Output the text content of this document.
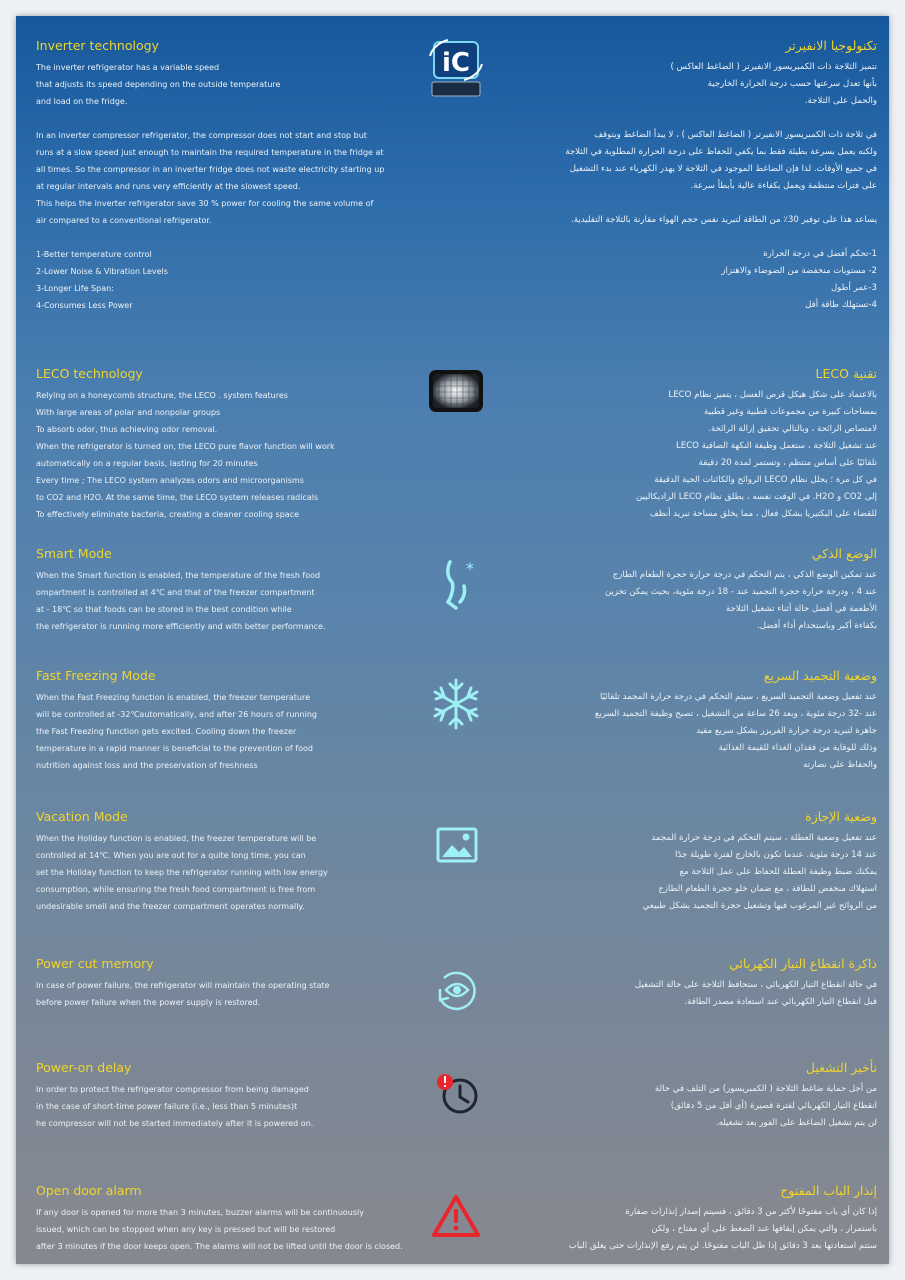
Inverter technology
The inverter refrigerator has a variable speed
that adjusts its speed depending on the outside temperature
and load on the fridge.
In an inverter compressor refrigerator, the compressor does not start and stop but
runs at a slow speed just enough to maintain the required temperature in the fridge at
all times. So the compressor in an inverter fridge does not waste electricity starting up
at regular intervals and runs very efficiently at the slowest speed.
This helps the inverter refrigerator save 30 % power for cooling the same volume of
air compared to a conventional refrigerator.
1-Better temperature control
2-Lower Noise & Vibration Levels
3-Longer Life Span:
4-Consumes Less Power
iC
تكنولوجيا الانفيرتر
تتميز الثلاجة ذات الكمبريسور الانفيرتر ( الضاغط العاكس )
بأنها تعدل سرعتها حسب درجة الحرارة الخارجية
والحمل على الثلاجة.
في ثلاجة ذات الكمبريسور الانفيرتر ( الضاغط العاكس ) ، لا يبدأ الضاغط ويتوقف
ولكنه يعمل بسرعة بطيئة فقط بما يكفي للحفاظ على درجة الحرارة المطلوبة في الثلاجة
في جميع الأوقات. لذا فإن الضاغط الموجود في الثلاجة لا يهدر الكهرباء عند بدء التشغيل
على فترات منتظمة ويعمل بكفاءة عالية بأبطأ سرعة.
يساعد هذا على توفير 30٪ من الطاقة لتبريد نفس حجم الهواء مقارنة بالثلاجة التقليدية.
1-تحكم أفضل في درجة الحرارة
2- مستويات منخفضة من الضوضاء والاهتزاز
3-عمر أطول
4-تستهلك طاقة أقل
LECO technology
Relying on a honeycomb structure, the LECO . system features
With large areas of polar and nonpolar groups
To absorb odor, thus achieving odor removal.
When the refrigerator is turned on, the LECO pure flavor function will work
automatically on a regular basis, lasting for 20 minutes
Every time ; The LECO system analyzes odors and microorganisms
to CO2 and H2O. At the same time, the LECO system releases radicals
To effectively eliminate bacteria, creating a cleaner cooling space
تقنية LECO
بالاعتماد على شكل هيكل قرص العسل ، يتميز نظام LECO
بمساحات كبيرة من مجموعات قطبية وغير قطبية
لامتصاص الرائحة ، وبالتالي تحقيق إزالة الرائحة.
عند تشغيل الثلاجة ، ستعمل وظيفة النكهة الصافية LECO
تلقائيًا على أساس منتظم ، وتستمر لمدة 20 دقيقة
في كل مرة ؛ يحلل نظام LECO الروائح والكائنات الحية الدقيقة
إلى CO2 و H2O. في الوقت نفسه ، يطلق نظام LECO الراديكاليين
للقضاء على البكتيريا بشكل فعال ، مما يخلق مساحة تبريد أنظف
Smart Mode
When the Smart function is enabled, the temperature of the fresh food
ompartment is controlled at 4℃ and that of the freezer compartment
at - 18℃ so that foods can be stored in the best condition while
the refrigerator is running more efficiently and with better performance.
*
الوضع الذكي
عند تمكين الوضع الذكي ، يتم التحكم في درجة حرارة حجرة الطعام الطازج
عند 4 ، ودرجة حرارة حجرة التجميد عند - 18 درجة مئوية، بحيث يمكن تخزين
الأطعمة في أفضل حالة أثناء تشغيل الثلاجة
بكفاءة أكبر وباستخدام أداء أفضل.
Fast Freezing Mode
When the Fast Freezing function is enabled, the freezer temperature
will be controlled at -32℃automatically, and after 26 hours of running
the Fast Freezing function gets excited. Cooling down the freezer
temperature in a rapid manner is beneficial to the prevention of food
nutrition against loss and the preservation of freshness
وضعية التجميد السريع
عند تفعيل وضعية التجميد السريع ، سيتم التحكم في درجة حرارة المجمد تلقائيًا
عند -32 درجة مئوية ، وبعد 26 ساعة من التشغيل ، تصبح وظيفة التجميد السريع
جاهزة لتبريد درجة حرارة الفريزر بشكل سريع مفيد
وذلك للوقاية من فقدان الغذاء للقيمة الغذائية
والحفاظ على نضارته
Vacation Mode
When the Holiday function is enabled, the freezer temperature will be
controlled at 14℃. When you are out for a quite long time, you can
set the Holiday function to keep the refrigerator running with low energy
consumption, while ensuring the fresh food compartment is free from
undesirable smell and the freezer compartment operates normally.
وضعية الإجازة
عند تفعيل وضعية العطلة ، سيتم التحكم في درجة حرارة المجمد
عند 14 درجة مئوية. عندما تكون بالخارج لفترة طويلة جدًا
يمكنك ضبط وظيفة العطلة للحفاظ على عمل الثلاجة مع
استهلاك منخفض للطاقة ، مع ضمان خلو حجرة الطعام الطازج
من الروائح غير المرغوب فيها وتشغيل حجرة التجميد بشكل طبيعي
Power cut memory
In case of power failure, the refrigerator will maintain the operating state
before power failure when the power supply is restored.
ذاكرة انقطاع التيار الكهربائي
في حالة انقطاع التيار الكهربائي ، ستحافظ الثلاجة على حالة التشغيل
قبل انقطاع التيار الكهربائي عند استعادة مصدر الطاقة.
Power-on delay
In order to protect the refrigerator compressor from being damaged
in the case of short-time power failure (i.e., less than 5 minutes)t
he compressor will not be started immediately after it is powered on.
تأخير التشغيل
من أجل حماية ضاغط الثلاجة ( الكمبريسور) من التلف في حالة
انقطاع التيار الكهربائي لفترة قصيرة (أي أقل من 5 دقائق)
لن يتم تشغيل الضاغط على الفور بعد تشغيله.
Open door alarm
If any door is opened for more than 3 minutes, buzzer alarms will be continuously
issued, which can be stopped when any key is pressed but will be restored
after 3 minutes if the door keeps open. The alarms will not be lifted until the door is closed.
إنذار الباب المفتوح
إذا كان أي باب مفتوحًا لأكثر من 3 دقائق ، فسيتم إصدار إنذارات صفارة
باستمرار ، والتي يمكن إيقافها عند الضغط على أي مفتاح ، ولكن
ستتم استعادتها بعد 3 دقائق إذا ظل الباب مفتوحًا. لن يتم رفع الإنذارات حتى يغلق الباب
